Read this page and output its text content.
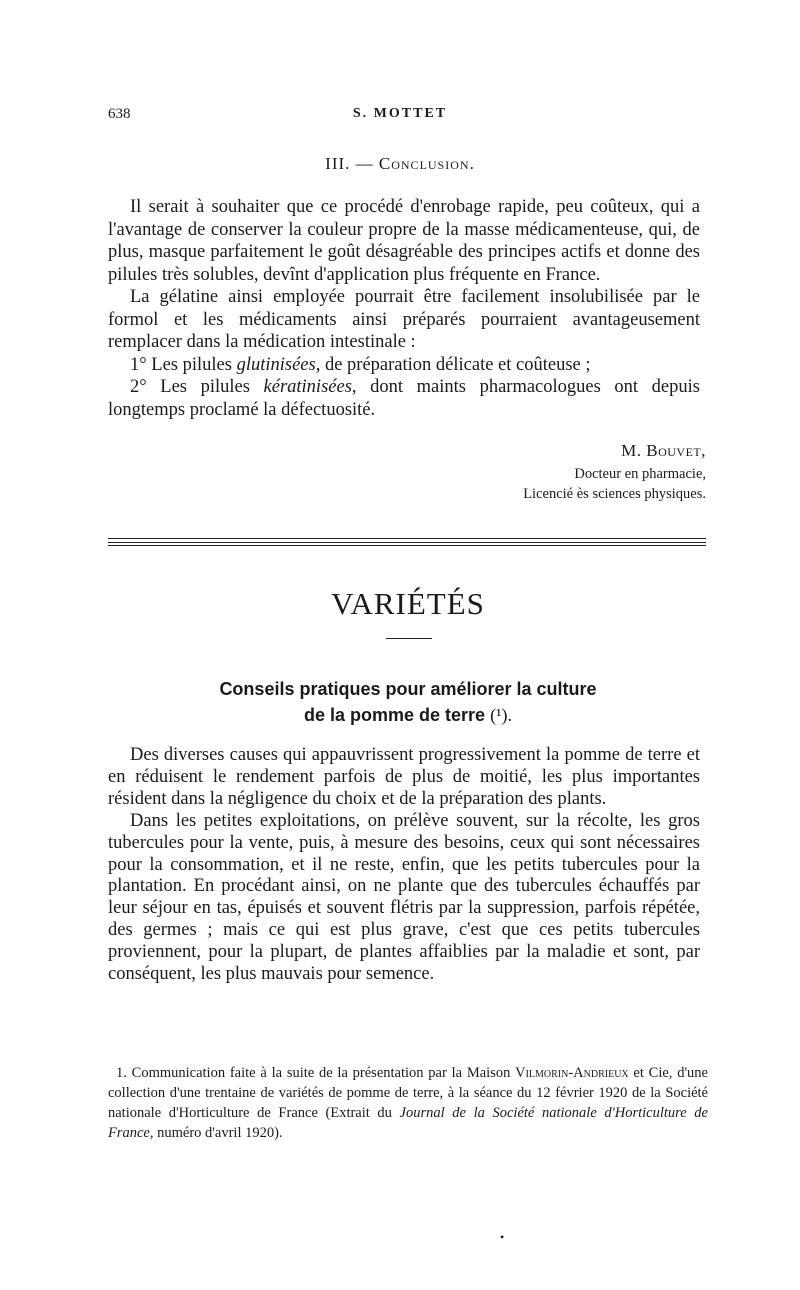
638	S. MOTTET
III. — Conclusion.

Il serait à souhaiter que ce procédé d'enrobage rapide, peu coûteux, qui a l'avantage de conserver la couleur propre de la masse médicamenteuse, qui, de plus, masque parfaitement le goût désagréable des principes actifs et donne des pilules très solubles, devînt d'application plus fréquente en France.

La gélatine ainsi employée pourrait être facilement insolubilisée par le formol et les médicaments ainsi préparés pourraient avantageusement remplacer dans la médication intestinale :

1° Les pilules glutinisées, de préparation délicate et coûteuse ;

2° Les pilules kératinisées, dont maints pharmacologues ont depuis longtemps proclamé la défectuosité.

M. Bouvet,
Docteur en pharmacie,
Licencié ès sciences physiques.
VARIÉTÉS
Conseils pratiques pour améliorer la culture
de la pomme de terre (¹).

Des diverses causes qui appauvrissent progressivement la pomme de terre et en réduisent le rendement parfois de plus de moitié, les plus importantes résident dans la négligence du choix et de la préparation des plants.

Dans les petites exploitations, on prélève souvent, sur la récolte, les gros tubercules pour la vente, puis, à mesure des besoins, ceux qui sont nécessaires pour la consommation, et il ne reste, enfin, que les petits tubercules pour la plantation. En procédant ainsi, on ne plante que des tubercules échauffés par leur séjour en tas, épuisés et souvent flétris par la suppression, parfois répétée, des germes ; mais ce qui est plus grave, c'est que ces petits tubercules proviennent, pour la plupart, de plantes affaiblies par la maladie et sont, par conséquent, les plus mauvais pour semence.

1. Communication faite à la suite de la présentation par la Maison Vilmorin-Andrieux et Cie, d'une collection d'une trentaine de variétés de pomme de terre, à la séance du 12 février 1920 de la Société nationale d'Horticulture de France (Extrait du Journal de la Société nationale d'Horticulture de France, numéro d'avril 1920).

•
